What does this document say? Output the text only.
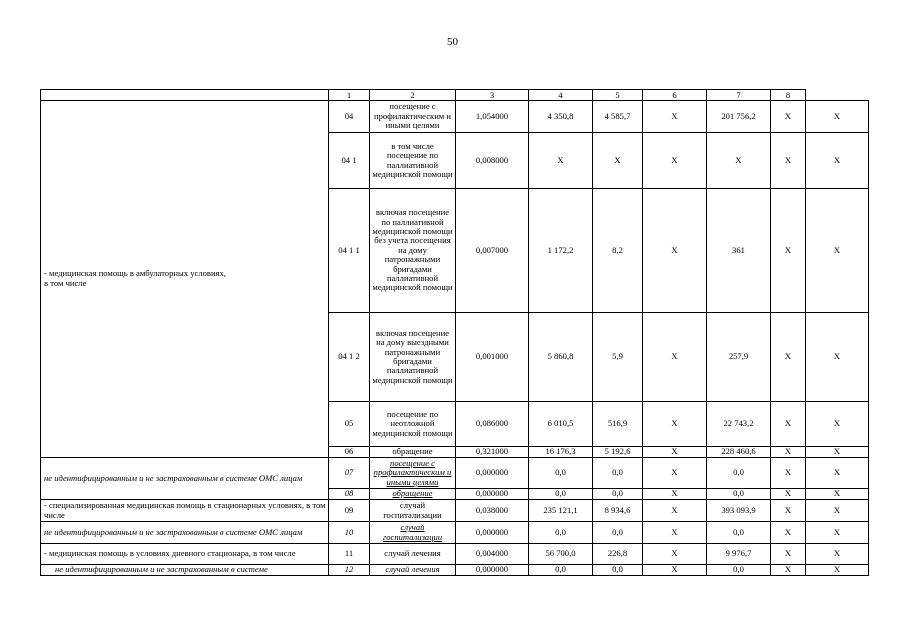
50
	1	2	3	4	5	6	7	8	
- медицинская помощь в амбулаторных условиях,
в том числе	04	посещение с профилактическим и иными целями	1,054000	4 350,8	4 585,7	Х	201 756,2	Х	Х
	04 1	в том числе посещение по паллиативной медицинской помощи	0,008000	Х	Х	Х	Х	Х	Х
	04 1 1	включая посещение по паллиативной медицинской помощи без учета посещения на дому патронажными бригадами паллиативной медицинской помощи	0,007000	1 172,2	8,2	Х	361	Х	Х
	04 1 2	включая посещение на дому выездными патронажными бригадами паллиативной медицинской помощи	0,001000	5 860,8	5,9	Х	257,9	Х	Х
	05	посещение по неотложной медицинской помощи	0,086000	6 010,5	516,9	Х	22 743,2	Х	Х
	06	обращение	0,321000	16 176,3	5 192,6	Х	228 460,6	Х	Х
не идентифицированным и не застрахованным в системе ОМС лицам	07	посещение с профилактическим и иными целями	0,000000	0,0	0,0	Х	0,0	Х	Х
	08	обращение	0,000000	0,0	0,0	Х	0,0	Х	Х
- специализированная медицинская помощь в стационарных условиях, в том числе	09	случай госпитализации	0,038000	235 121,1	8 934,6	Х	393 093,9	Х	Х
не идентифицированным и не застрахованным в системе ОМС лицам	10	случай госпитализации	0,000000	0,0	0,0	Х	0,0	Х	Х
- медицинская помощь в условиях дневного стационара, в том числе	11	случай лечения	0,004000	56 700,0	226,8	Х	9 976,7	Х	Х
не идентифицированным и не застрахованным в системе	12	случай лечения	0,000000	0,0	0,0	Х	0,0	Х	Х
